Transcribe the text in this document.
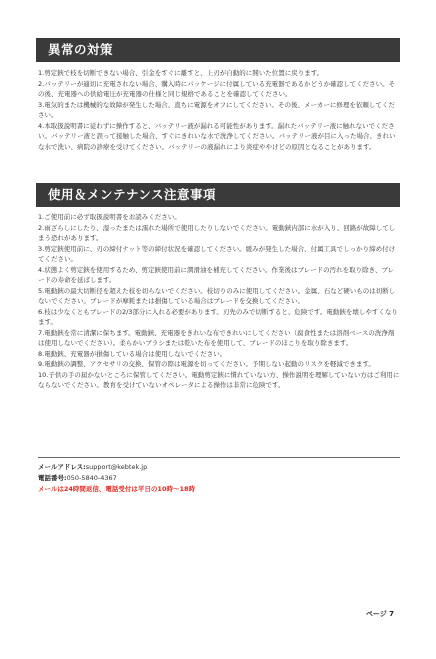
異常の対策

1.剪定鋏で枝を切断できない場合、引金をすぐに離すと、上刃が自動的に開いた位置に戻ります。

2.バッテリーが適切に充電されない場合、購入時にパッケージに付属している充電器であるかどうか確認してください。その後、充電器への供給電圧が充電器の仕様と同じ規格であることを確認してください。

3.電気的または機械的な故障が発生した場合、直ちに電源をオフにしてください。その後、メーカーに修理を依頼してください。

4.本取扱説明書に従わずに操作すると、バッテリー液が漏れる可能性があります。漏れたバッテリー液に触れないでください。バッテリー液と誤って接触した場合、すぐにきれいな水で洗浄してください。バッテリー液が目に入った場合、きれいな水で洗い、病院の診療を受けてください。バッテリーの液漏れにより炎症ややけどの原因となることがあります。

使用＆メンテナンス注意事項

1.ご使用前に必ず取扱説明書をお読みください。

2.雨ざらしにしたり、湿ったまたは濡れた場所で使用したりしないでください。電動鋏内部に水が入り、回路が故障してしまう恐れがあります。

3.剪定鋏使用前に、刃の締付ナット等の締付状況を確認してください。緩みが発生した場合、付属工具でしっかり締め付けてください。

4.状態よく剪定鋏を使用するため、剪定鋏使用前に潤滑油を補充してください。作業後はブレードの汚れを取り除き、ブレードの寿命を延ばします。

5.電動鋏の最大切断径を超えた枝を切らないでください。枝切りのみに使用してください。金属、石など硬いものは切断しないでください。ブレードが摩耗または損傷している場合はブレードを交換してください。

6.枝は少なくともブレードの2/3部分に入れる必要があります。刃先のみで切断すると、危険です。電動鋏を壊しやすくなります。

7.電動鋏を常に清潔に保ちます。電動鋏、充電器をきれいな布できれいにしてください（腐食性または溶剤ベースの洗浄剤は使用しないでください）。柔らかいブラシまたは乾いた布を使用して、ブレードのほこりを取り除きます。

8.電動鋏、充電器が損傷している場合は使用しないでください。

9.電動鋏の調整、アクセサリの交換、保管の際は電源を切ってください。予期しない起動のリスクを軽減できます。

10.子供の手の届かないところに保管してください。電動剪定鋏に慣れていない方、操作説明を理解していない方はご利用にならないでください。教育を受けていないオペレータによる操作は非常に危険です。

メールアドレス:support@kebtek.jp
電話番号:050-5840-4367
メールは24時間返信、電話受付は平日の10時〜18時
ページ 7
